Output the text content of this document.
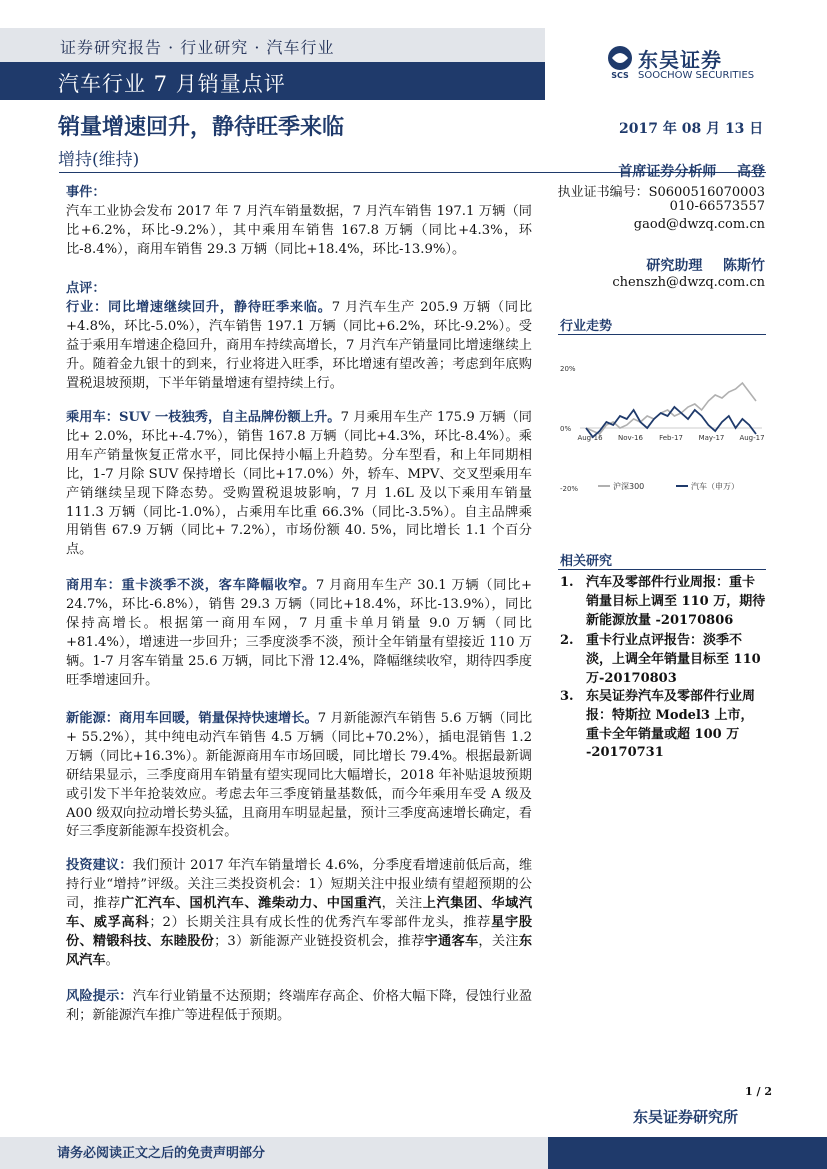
证券研究报告 · 行业研究 · 汽车行业
汽车行业 7 月销量点评	SCS
东吴证券
SOOCHOW SECURITIES
销量增速回升，静待旺季来临
增持(维持)
2017 年 08 月 13 日
首席证券分析师 高登
执业证书编号：S0600516070003
010-66573557
gaod@dwzq.com.cn
研究助理 陈斯竹
chenszh@dwzq.com.cn
事件：
汽车工业协会发布 2017 年 7 月汽车销量数据，7 月汽车销售 197.1 万辆（同比+6.2%，环比-9.2%），其中乘用车销售 167.8 万辆（同比+4.3%，环比-8.4%），商用车销售 29.3 万辆（同比+18.4%，环比-13.9%）。
点评：
行业：同比增速继续回升，静待旺季来临。7 月汽车生产 205.9 万辆（同比+4.8%，环比-5.0%），汽车销售 197.1 万辆（同比+6.2%，环比-9.2%）。受益于乘用车增速企稳回升，商用车持续高增长，7 月汽车产销量同比增速继续上升。随着金九银十的到来，行业将进入旺季，环比增速有望改善；考虑到年底购置税退坡预期，下半年销量增速有望持续上行。
乘用车：SUV 一枝独秀，自主品牌份额上升。7 月乘用车生产 175.9 万辆（同比+ 2.0%，环比+-4.7%），销售 167.8 万辆（同比+4.3%，环比-8.4%）。乘用车产销量恢复正常水平，同比保持小幅上升趋势。分车型看，和上年同期相比，1-7 月除 SUV 保持增长（同比+17.0%）外，轿车、MPV、交叉型乘用车产销继续呈现下降态势。受购置税退坡影响，7 月 1.6L 及以下乘用车销量 111.3 万辆（同比-1.0%），占乘用车比重 66.3%（同比-3.5%）。自主品牌乘用销售 67.9 万辆（同比+ 7.2%），市场份额 40. 5%，同比增长 1.1 个百分点。
商用车：重卡淡季不淡，客车降幅收窄。7 月商用车生产 30.1 万辆（同比+ 24.7%，环比-6.8%），销售 29.3 万辆（同比+18.4%，环比-13.9%），同比保持高增长。根据第一商用车网，7 月重卡单月销量 9.0 万辆（同比+81.4%），增速进一步回升；三季度淡季不淡，预计全年销量有望接近 110 万辆。1-7 月客车销量 25.6 万辆，同比下滑 12.4%，降幅继续收窄，期待四季度旺季增速回升。
新能源：商用车回暖，销量保持快速增长。7 月新能源汽车销售 5.6 万辆（同比+ 55.2%），其中纯电动汽车销售 4.5 万辆（同比+70.2%），插电混销售 1.2 万辆（同比+16.3%）。新能源商用车市场回暖，同比增长 79.4%。根据最新调研结果显示，三季度商用车销量有望实现同比大幅增长，2018 年补贴退坡预期或引发下半年抢装效应。考虑去年三季度销量基数低，而今年乘用车受 A 级及 A00 级双向拉动增长势头猛，且商用车明显起量，预计三季度高速增长确定，看好三季度新能源车投资机会。
投资建议：我们预计 2017 年汽车销量增长 4.6%，分季度看增速前低后高，维持行业“增持”评级。关注三类投资机会：1）短期关注中报业绩有望超预期的公司，推荐广汇汽车、国机汽车、潍柴动力、中国重汽，关注上汽集团、华域汽车、威孚高科；2）长期关注具有成长性的优秀汽车零部件龙头，推荐星宇股份、精锻科技、东睦股份；3）新能源产业链投资机会，推荐宇通客车，关注东风汽车。
风险提示：汽车行业销量不达预期；终端库存高企、价格大幅下降，侵蚀行业盈利；新能源汽车推广等进程低于预期。
行业走势
20%
0%
-20%
Aug-16 Nov-16 Feb-17 May-17 Aug-17
沪深300	汽车（申万）
相关研究
1. 汽车及零部件行业周报：重卡销量目标上调至 110 万，期待新能源放量 -20170806
2. 重卡行业点评报告：淡季不淡，上调全年销量目标至 110 万-20170803
3. 东吴证券汽车及零部件行业周报：特斯拉 Model3 上市，重卡全年销量或超 100 万 -20170731
1 / 2
东吴证券研究所
请务必阅读正文之后的免责声明部分
